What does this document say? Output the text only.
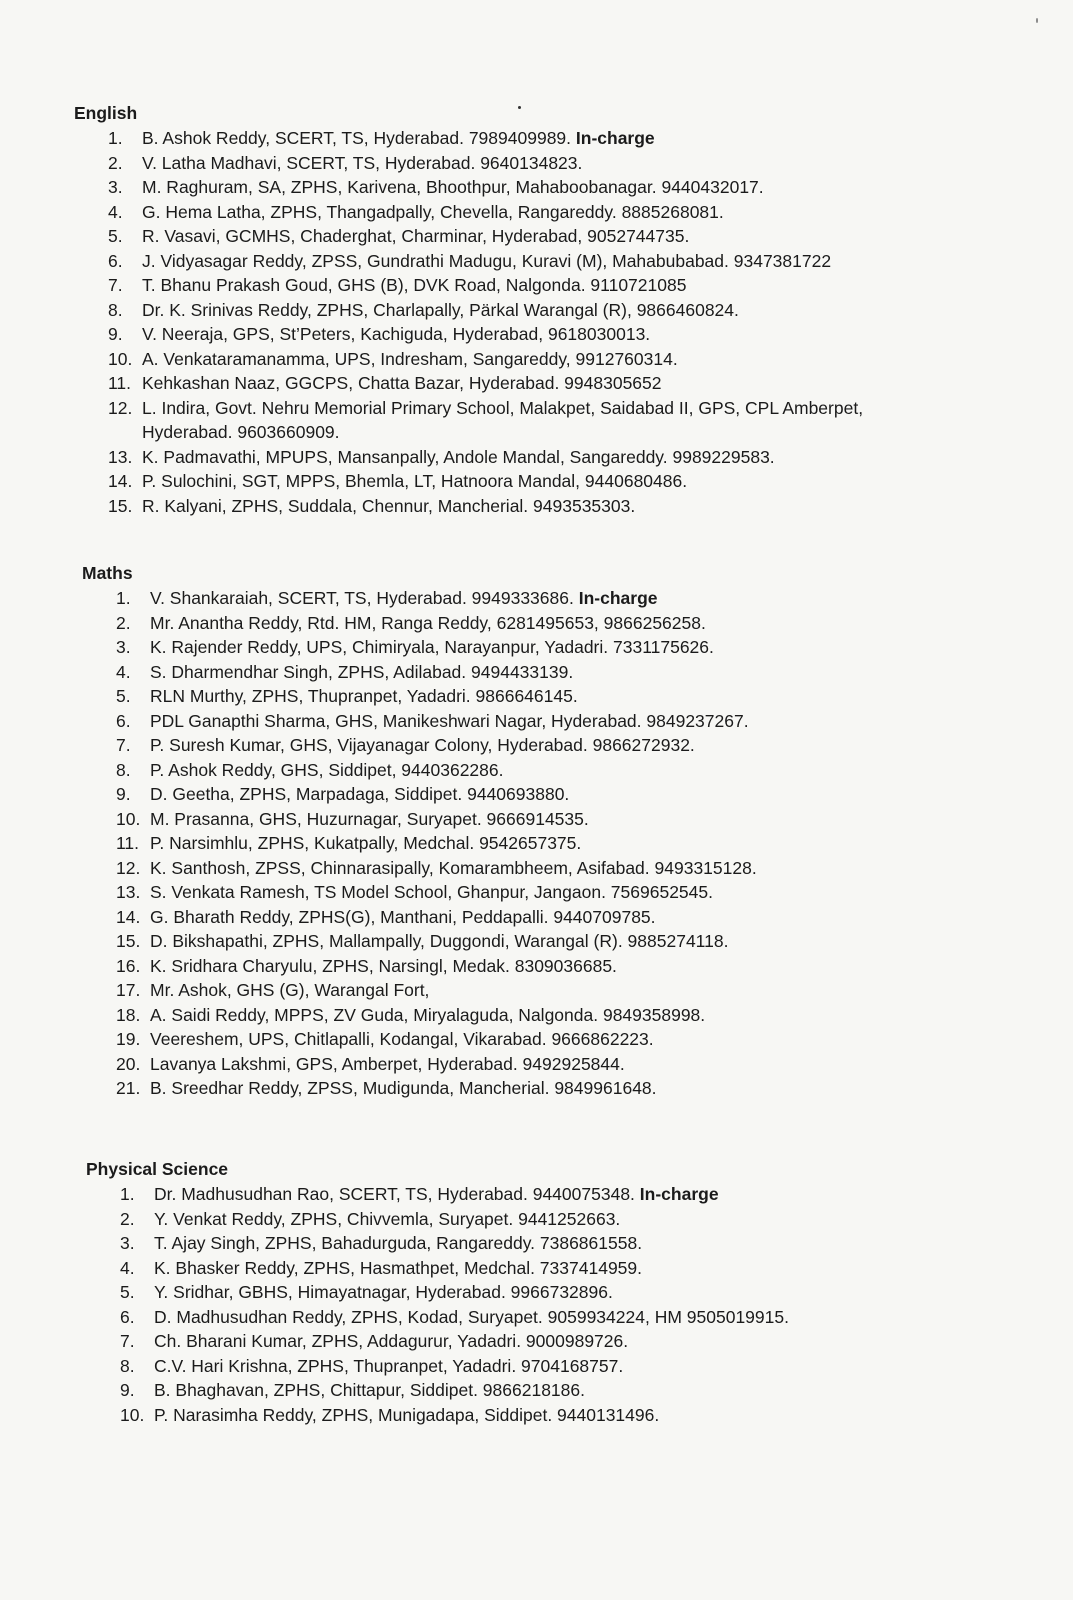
English
1.	B. Ashok Reddy, SCERT, TS, Hyderabad. 7989409989. In-charge
2.	V. Latha Madhavi, SCERT, TS, Hyderabad. 9640134823.
3.	M. Raghuram, SA, ZPHS, Karivena, Bhoothpur, Mahaboobanagar. 9440432017.
4.	G. Hema Latha, ZPHS, Thangadpally, Chevella, Rangareddy. 8885268081.
5.	R. Vasavi, GCMHS, Chaderghat, Charminar, Hyderabad, 9052744735.
6.	J. Vidyasagar Reddy, ZPSS, Gundrathi Madugu, Kuravi (M), Mahabubabad. 9347381722
7.	T. Bhanu Prakash Goud, GHS (B), DVK Road, Nalgonda. 9110721085
8.	Dr. K. Srinivas Reddy, ZPHS, Charlapally, Pärkal Warangal (R), 9866460824.
9.	V. Neeraja, GPS, St’Peters, Kachiguda, Hyderabad, 9618030013.
10. A. Venkataramanamma, UPS, Indresham, Sangareddy, 9912760314.
11. Kehkashan Naaz, GGCPS, Chatta Bazar, Hyderabad. 9948305652
12. L. Indira, Govt. Nehru Memorial Primary School, Malakpet, Saidabad II, GPS, CPL Amberpet,
Hyderabad. 9603660909.
13. K. Padmavathi, MPUPS, Mansanpally, Andole Mandal, Sangareddy. 9989229583.
14. P. Sulochini, SGT, MPPS, Bhemla, LT, Hatnoora Mandal, 9440680486.
15. R. Kalyani, ZPHS, Suddala, Chennur, Mancherial. 9493535303.
Maths
1.	V. Shankaraiah, SCERT, TS, Hyderabad. 9949333686. In-charge
2.	Mr. Anantha Reddy, Rtd. HM, Ranga Reddy, 6281495653, 9866256258.
3.	K. Rajender Reddy, UPS, Chimiryala, Narayanpur, Yadadri. 7331175626.
4.	S. Dharmendhar Singh, ZPHS, Adilabad. 9494433139.
5.	RLN Murthy, ZPHS, Thupranpet, Yadadri. 9866646145.
6.	PDL Ganapthi Sharma, GHS, Manikeshwari Nagar, Hyderabad. 9849237267.
7.	P. Suresh Kumar, GHS, Vijayanagar Colony, Hyderabad. 9866272932.
8.	P. Ashok Reddy, GHS, Siddipet, 9440362286.
9.	D. Geetha, ZPHS, Marpadaga, Siddipet. 9440693880.
10. M. Prasanna, GHS, Huzurnagar, Suryapet. 9666914535.
11. P. Narsimhlu, ZPHS, Kukatpally, Medchal. 9542657375.
12. K. Santhosh, ZPSS, Chinnarasipally, Komarambheem, Asifabad. 9493315128.
13. S. Venkata Ramesh, TS Model School, Ghanpur, Jangaon. 7569652545.
14. G. Bharath Reddy, ZPHS(G), Manthani, Peddapalli. 9440709785.
15. D. Bikshapathi, ZPHS, Mallampally, Duggondi, Warangal (R). 9885274118.
16. K. Sridhara Charyulu, ZPHS, Narsingl, Medak. 8309036685.
17. Mr. Ashok, GHS (G), Warangal Fort,
18. A. Saidi Reddy, MPPS, ZV Guda, Miryalaguda, Nalgonda. 9849358998.
19. Veereshem, UPS, Chitlapalli, Kodangal, Vikarabad. 9666862223.
20. Lavanya Lakshmi, GPS, Amberpet, Hyderabad. 9492925844.
21. B. Sreedhar Reddy, ZPSS, Mudigunda, Mancherial. 9849961648.
Physical Science
1.	Dr. Madhusudhan Rao, SCERT, TS, Hyderabad. 9440075348. In-charge
2.	Y. Venkat Reddy, ZPHS, Chivvemla, Suryapet. 9441252663.
3.	T. Ajay Singh, ZPHS, Bahadurguda, Rangareddy. 7386861558.
4.	K. Bhasker Reddy, ZPHS, Hasmathpet, Medchal. 7337414959.
5.	Y. Sridhar, GBHS, Himayatnagar, Hyderabad. 9966732896.
6.	D. Madhusudhan Reddy, ZPHS, Kodad, Suryapet. 9059934224, HM 9505019915.
7.	Ch. Bharani Kumar, ZPHS, Addagurur, Yadadri. 9000989726.
8.	C.V. Hari Krishna, ZPHS, Thupranpet, Yadadri. 9704168757.
9.	B. Bhaghavan, ZPHS, Chittapur, Siddipet. 9866218186.
10. P. Narasimha Reddy, ZPHS, Munigadapa, Siddipet. 9440131496.
